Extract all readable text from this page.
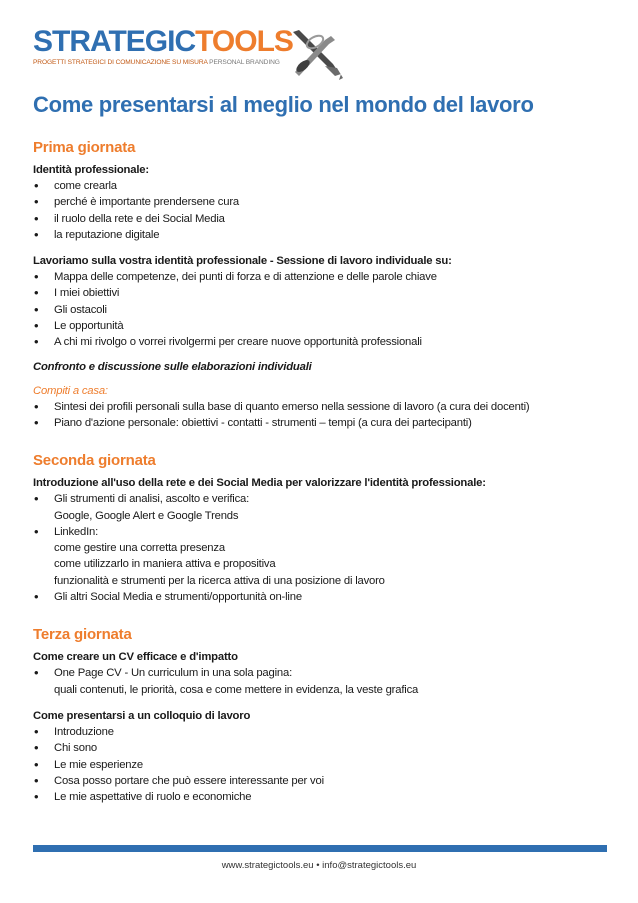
STRATEGICTOOLS
PROGETTI STRATEGICI DI COMUNICAZIONE SU MISURA PERSONAL BRANDING
Come presentarsi al meglio nel mondo del lavoro
Prima giornata
Identità professionale:
• come crearla
• perché è importante prendersene cura
• il ruolo della rete e dei Social Media
• la reputazione digitale
Lavoriamo sulla vostra identità professionale - Sessione di lavoro individuale su:
• Mappa delle competenze, dei punti di forza e di attenzione e delle parole chiave
• I miei obiettivi
• Gli ostacoli
• Le opportunità
• A chi mi rivolgo o vorrei rivolgermi per creare nuove opportunità professionali
Confronto e discussione sulle elaborazioni individuali
Compiti a casa:
• Sintesi dei profili personali sulla base di quanto emerso nella sessione di lavoro (a cura dei docenti)
• Piano d'azione personale: obiettivi - contatti - strumenti – tempi (a cura dei partecipanti)
Seconda giornata
Introduzione all'uso della rete e dei Social Media per valorizzare l'identità professionale:
• Gli strumenti di analisi, ascolto e verifica:
Google, Google Alert e Google Trends
• LinkedIn:
come gestire una corretta presenza
come utilizzarlo in maniera attiva e propositiva
funzionalità e strumenti per la ricerca attiva di una posizione di lavoro
• Gli altri Social Media e strumenti/opportunità on-line
Terza giornata
Come creare un CV efficace e d'impatto
• One Page CV - Un curriculum in una sola pagina:
quali contenuti, le priorità, cosa e come mettere in evidenza, la veste grafica
Come presentarsi a un colloquio di lavoro
• Introduzione
• Chi sono
• Le mie esperienze
• Cosa posso portare che può essere interessante per voi
• Le mie aspettative di ruolo e economiche
www.strategictools.eu • info@strategictools.eu
